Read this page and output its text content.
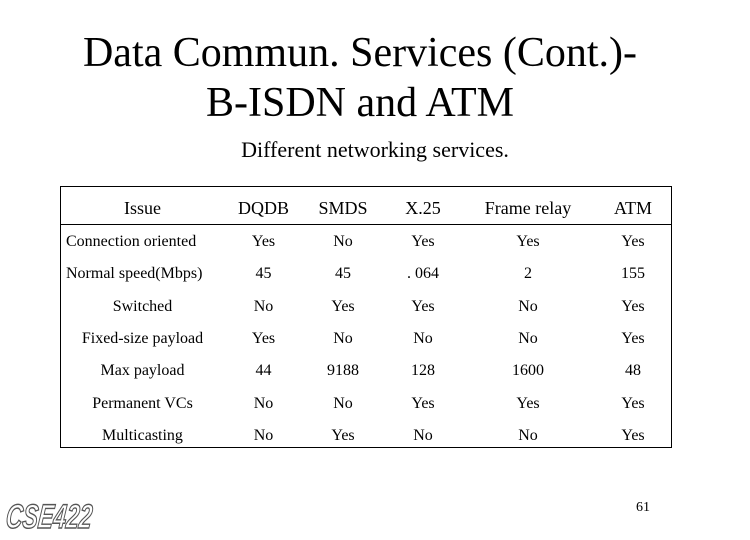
Data Commun. Services (Cont.)-
B-ISDN and ATM
Different networking services.
Issue	DQDB	SMDS	X.25	Frame relay	ATM
Connection oriented	Yes	No	Yes	Yes	Yes
Normal speed(Mbps)	45	45	. 064	2	155
Switched	No	Yes	Yes	No	Yes
Fixed-size payload	Yes	No	No	No	Yes
Max payload	44	9188	128	1600	48
Permanent VCs	No	No	Yes	Yes	Yes
Multicasting	No	Yes	No	No	Yes
CSE422	61
